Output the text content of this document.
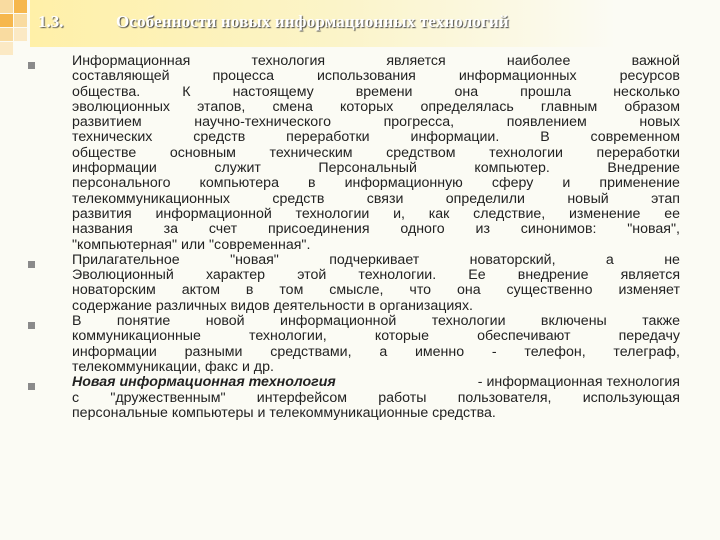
1.3.	Особенности новых информационных технологий
Информационная	технология	является	наиболее	важной
составляющей	процесса	использования	информационных	ресурсов
общества.	К	настоящему	времени	она	прошла	несколько
эволюционных этапов, смена которых определялась главным образом
развитием	научно-технического	прогресса,	появлением	новых
технических	средств	переработки	информации.	В	современном
обществе основным техническим средством технологии переработки
информации	служит	Персональный	компьютер.	Внедрение
персонального компьютера в информационную сферу и применение
телекоммуникационных	средств	связи	определили	новый	этап
развития информационной технологии и, как следствие, изменение ее
названия за счет присоединения одного из синонимов: "новая",
"компьютерная" или "современная".
Прилагательное	"новая"	подчеркивает	новаторский,	а	не
Эволюционный характер этой технологии. Ее внедрение является
новаторским актом в том смысле, что она существенно изменяет
содержание различных видов деятельности в организациях.
В понятие новой информационной технологии включены также
коммуникационные	технологии,	которые	обеспечивают	передачу
информации разными средствами, а именно - телефон, телеграф,
телекоммуникации, факс и др.
Новая информационная технология	- информационная технология
с "дружественным" интерфейсом работы пользователя, использующая
персональные компьютеры и телекоммуникационные средства.
